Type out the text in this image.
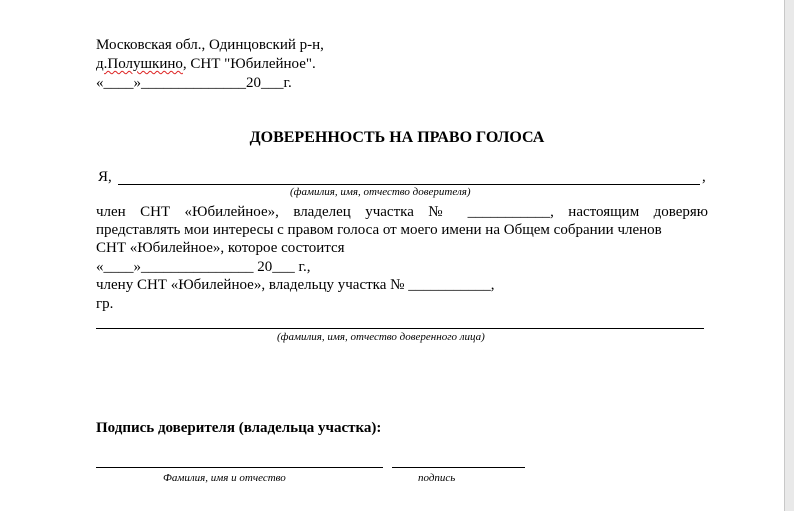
Московская обл., Одинцовский р-н,
д.Полушкино, СНТ "Юбилейное".
«____»______________20___г.
ДОВЕРЕННОСТЬ НА ПРАВО ГОЛОСА
Я,	,
(фамилия, имя, отчество доверителя)
член СНТ «Юбилейное», владелец участка № ___________, настоящим доверяю
представлять мои интересы с правом голоса от моего имени на Общем собрании членов
СНТ «Юбилейное», которое состоится
«____»_______________ 20___ г.,
члену СНТ «Юбилейное», владельцу участка № ___________,
гр.
(фамилия, имя, отчество доверенного лица)
Подпись доверителя (владельца участка):
Фамилия, имя и отчество	подпись
